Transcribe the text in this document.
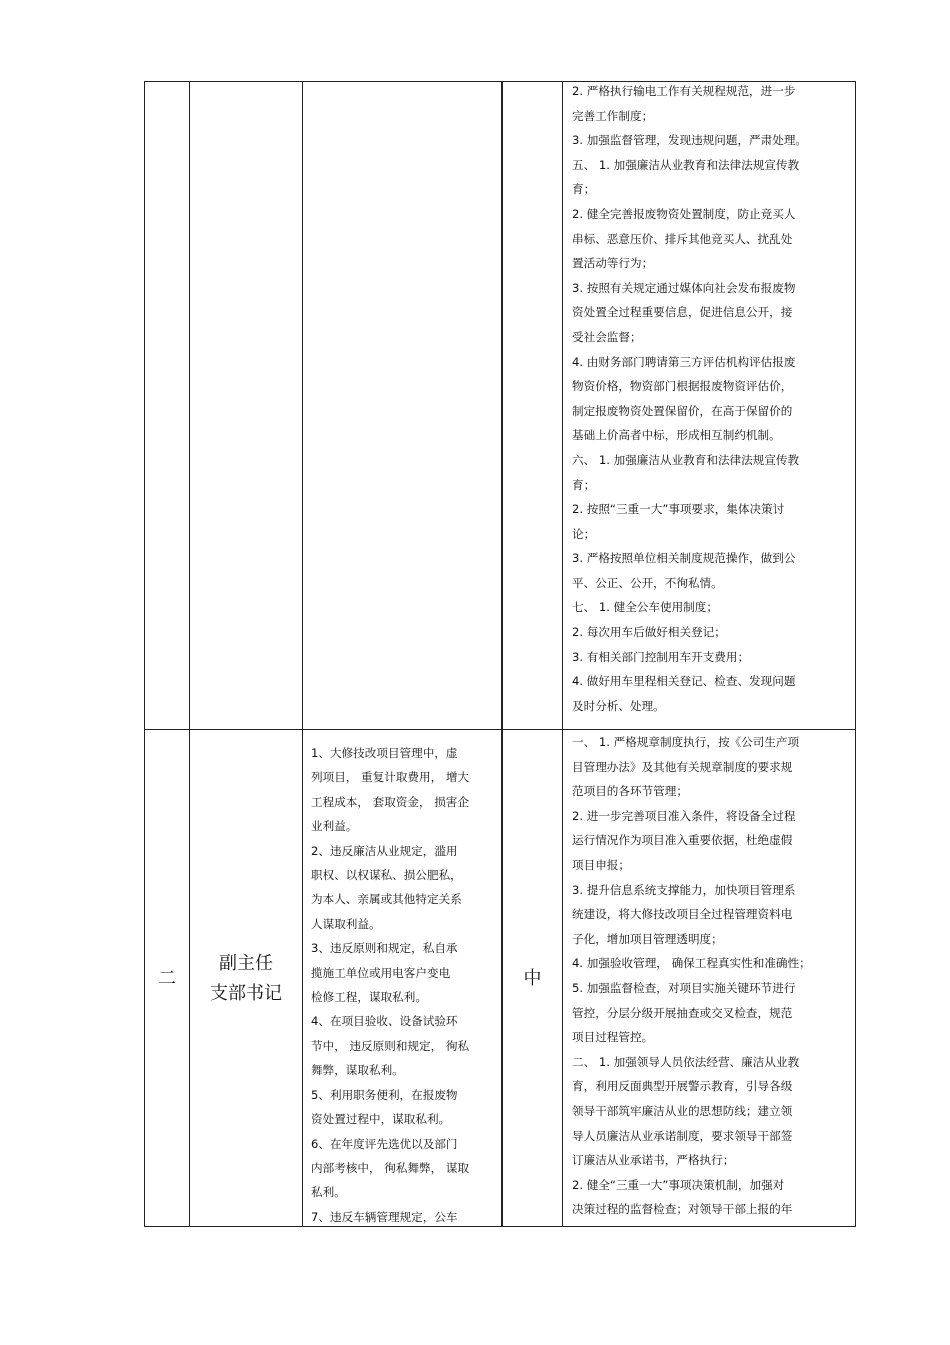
2. 严格执行输电工作有关规程规范，进一步
完善工作制度；
3. 加强监督管理，发现违规问题，严肃处理。
五、 1. 加强廉洁从业教育和法律法规宣传教
育；
2. 健全完善报废物资处置制度，防止竞买人
串标、恶意压价、排斥其他竞买人、扰乱处
置活动等行为；
3. 按照有关规定通过媒体向社会发布报废物
资处置全过程重要信息，促进信息公开，接
受社会监督；
4. 由财务部门聘请第三方评估机构评估报废
物资价格，物资部门根据报废物资评估价，
制定报废物资处置保留价，在高于保留价的
基础上价高者中标，形成相互制约机制。
六、 1. 加强廉洁从业教育和法律法规宣传教
育；
2. 按照“三重一大”事项要求，集体决策讨
论；
3. 严格按照单位相关制度规范操作，做到公
平、公正、公开，不徇私情。
七、 1. 健全公车使用制度；
2. 每次用车后做好相关登记；
3. 有相关部门控制用车开支费用；
4. 做好用车里程相关登记、检查、发现问题
及时分析、处理。
二
副主任
支部书记
1、大修技改项目管理中，虚
列项目， 重复计取费用， 增大
工程成本， 套取资金， 损害企
业利益。
2、违反廉洁从业规定，滥用
职权、以权谋私、损公肥私，
为本人、亲属或其他特定关系
人谋取利益。
3、违反原则和规定，私自承
揽施工单位或用电客户变电
检修工程，谋取私利。
4、在项目验收、设备试验环
节中， 违反原则和规定， 徇私
舞弊，谋取私利。
5、利用职务便利，在报废物
资处置过程中，谋取私利。
6、在年度评先选优以及部门
内部考核中， 徇私舞弊， 谋取
私利。
7、违反车辆管理规定，公车
中
一、 1. 严格规章制度执行，按《公司生产项
目管理办法》及其他有关规章制度的要求规
范项目的各环节管理；
2. 进一步完善项目准入条件，将设备全过程
运行情况作为项目准入重要依据，杜绝虚假
项目申报；
3. 提升信息系统支撑能力，加快项目管理系
统建设，将大修技改项目全过程管理资料电
子化，增加项目管理透明度；
4. 加强验收管理， 确保工程真实性和准确性；
5. 加强监督检查，对项目实施关键环节进行
管控，分层分级开展抽查或交叉检查，规范
项目过程管控。
二、 1. 加强领导人员依法经营、廉洁从业教
育，利用反面典型开展警示教育，引导各级
领导干部筑牢廉洁从业的思想防线；建立领
导人员廉洁从业承诺制度，要求领导干部签
订廉洁从业承诺书，严格执行；
2. 健全“三重一大”事项决策机制，加强对
决策过程的监督检查；对领导干部上报的年
